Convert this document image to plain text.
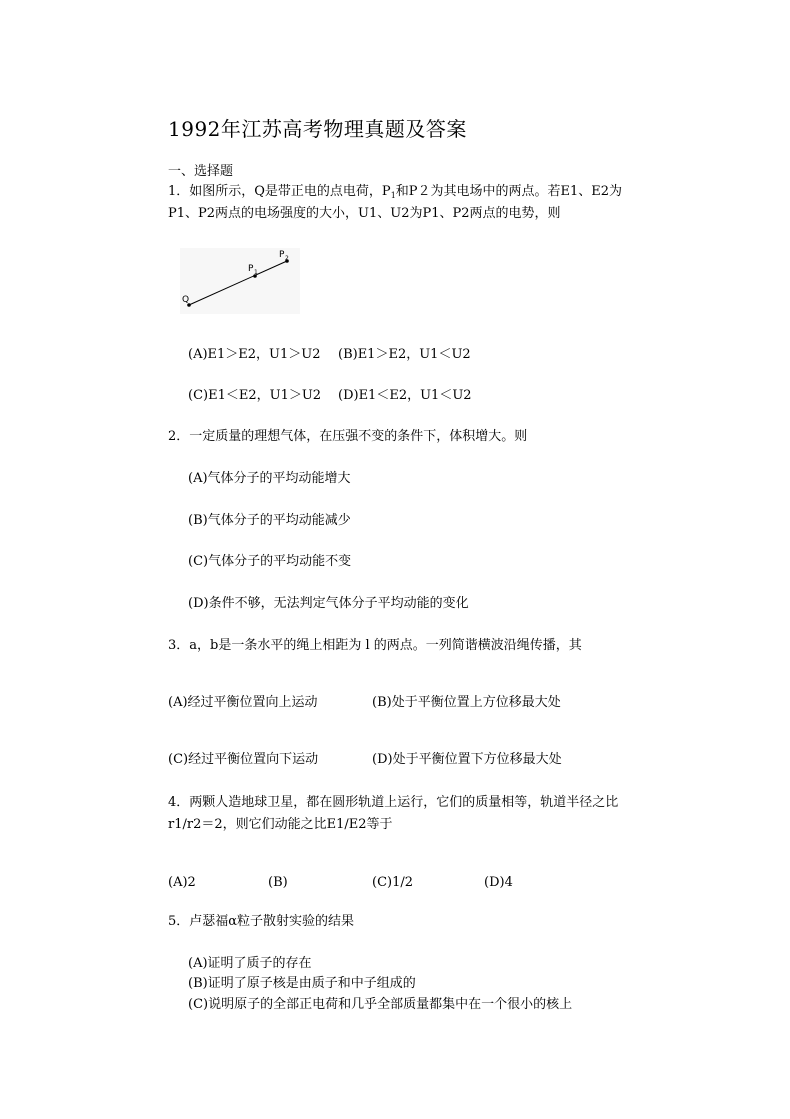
1992年江苏高考物理真题及答案
一、选择题
1．如图所示，Q是带正电的点电荷，$P_1$和P２为其电场中的两点。若E1、E2为
P1、P2两点的电场强度的大小，U1、U2为P1、P2两点的电势，则
Q
P 1
P 2
(A)E1＞E2，U1＞U2 (B)E1＞E2，U1＜U2
(C)E1＜E2，U1＞U2 (D)E1＜E2，U1＜U2
2．一定质量的理想气体，在压强不变的条件下，体积增大。则
(A)气体分子的平均动能增大
(B)气体分子的平均动能减少
(C)气体分子的平均动能不变
(D)条件不够，无法判定气体分子平均动能的变化
3．a，b是一条水平的绳上相距为 l 的两点。一列简谐横波沿绳传播，其
(A)经过平衡位置向上运动	(B)处于平衡位置上方位移最大处
(C)经过平衡位置向下运动	(D)处于平衡位置下方位移最大处
4．两颗人造地球卫星，都在圆形轨道上运行，它们的质量相等，轨道半径之比
r1/r2＝2，则它们动能之比E1/E2等于
(A)2	(B)	(C)1/2	(D)4
5．卢瑟福α粒子散射实验的结果
(A)证明了质子的存在
(B)证明了原子核是由质子和中子组成的
(C)说明原子的全部正电荷和几乎全部质量都集中在一个很小的核上
